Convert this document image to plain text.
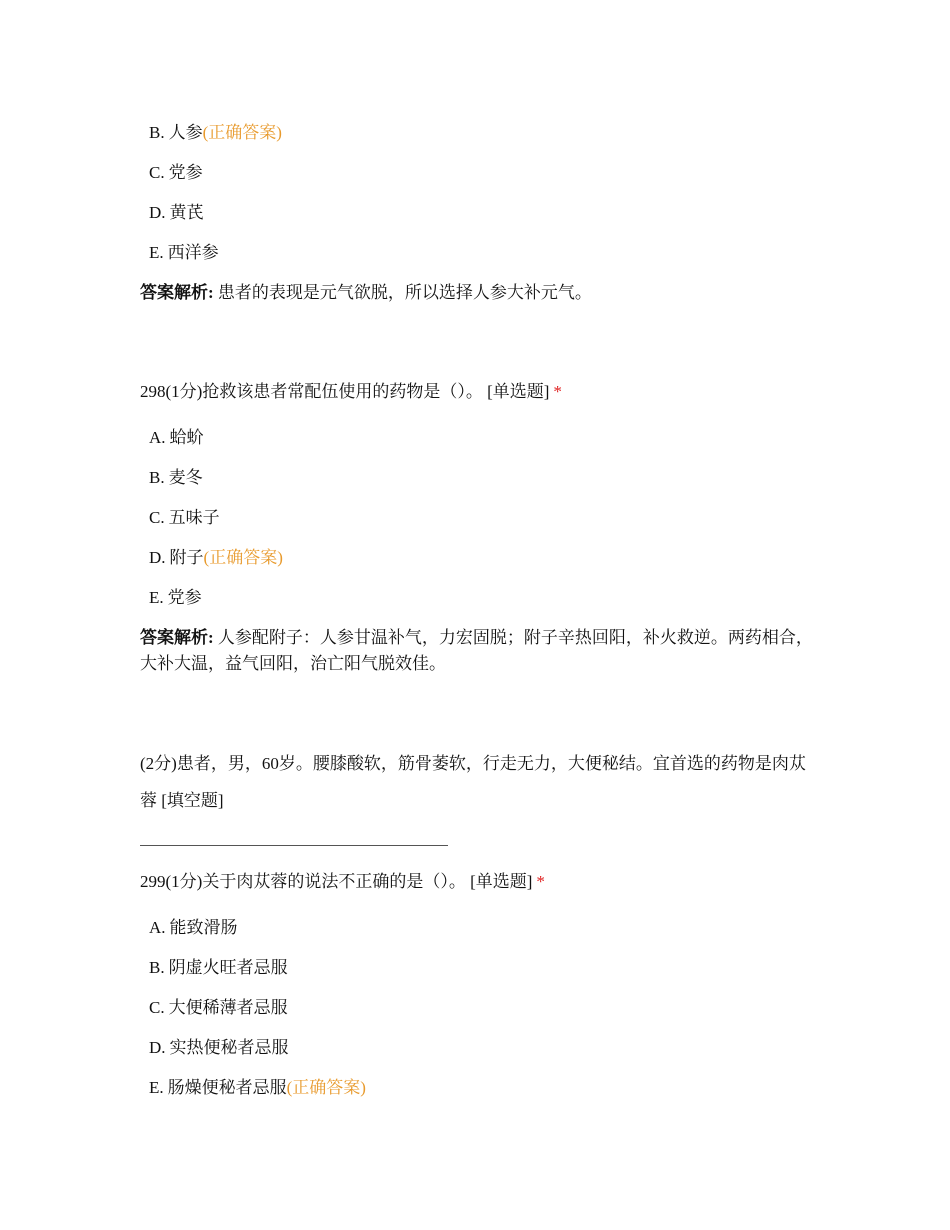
B. 人参(正确答案)
C. 党参
D. 黄芪
E. 西洋参
答案解析: 患者的表现是元气欲脱，所以选择人参大补元气。
298(1分)抢救该患者常配伍使用的药物是（）。 [单选题] *
A. 蛤蚧
B. 麦冬
C. 五味子
D. 附子(正确答案)
E. 党参
答案解析: 人参配附子：人参甘温补气，力宏固脱；附子辛热回阳，补火救逆。两药相合，大补大温，益气回阳，治亡阳气脱效佳。
(2分)患者，男，60岁。腰膝酸软，筋骨萎软，行走无力，大便秘结。宜首选的药物是肉苁蓉 [填空题]
299(1分)关于肉苁蓉的说法不正确的是（）。 [单选题] *
A. 能致滑肠
B. 阴虚火旺者忌服
C. 大便稀薄者忌服
D. 实热便秘者忌服
E. 肠燥便秘者忌服(正确答案)
